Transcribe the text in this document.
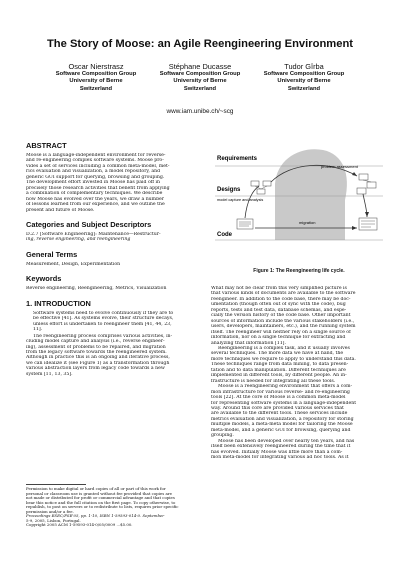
The Story of Moose: an Agile Reengineering Environment
Oscar Nierstrasz
Software Composition Group
University of Berne
Switzerland
Stéphane Ducasse
Software Composition Group
University of Berne
Switzerland
Tudor Gîrba
Software Composition Group
University of Berne
Switzerland
www.iam.unibe.ch/~scg
ABSTRACT
Moose is a language-independent environment for reverse-
and re-engineering complex software systems. Moose pro-
vides a set of services including a common meta-model, met-
rics evaluation and visualization, a model repository, and
generic GUI support for querying, browsing and grouping.
The development effort invested in Moose has paid off in
precisely those research activities that benefit from applying
a combination of complementary techniques. We describe
how Moose has evolved over the years, we draw a number
of lessons learned from our experience, and we outline the
present and future of Moose.
Categories and Subject Descriptors
D.2.7 [Software Engineering]: Maintenance—Restructur-
ing, reverse engineering, and reengineering
General Terms
Measurement, Design, Experimentation
Keywords
Reverse engineering, Reengineering, Metrics, Visualization
1. INTRODUCTION
Software systems need to evolve continuously if they are to
be effective [41]. As systems evolve, their structure decays,
unless effort is undertaken to reengineer them [41, 44, 23,
11].
The reengineering process comprises various activities, in-
cluding model capture and analysis (i.e., reverse engineer-
ing), assessment of problems to be repaired, and migration
from the legacy software towards the reengineered system.
Although in practice this is an ongoing and iterative process,
we can idealize it (see Figure 1) as a transformation through
various abstraction layers from legacy code towards a new
system [11, 13, 35].
Permission to make digital or hard copies of all or part of this work for
personal or classroom use is granted without fee provided that copies are
not made or distributed for profit or commercial advantage and that copies
bear this notice and the full citation on the first page. To copy otherwise, to
republish, to post on servers or to redistribute to lists, requires prior specific
permission and/or a fee.
Proceedings ESEC/FSE'05, pp. 1-10, ISBN 1-59593-014-0. September
5-9, 2005, Lisbon, Portugal.
Copyright 2005 ACM 1-59593-014-0/05/0009 ...$5.00.
Requirements
Designs
Code
problem assessment
model capture and analysis
migration
Figure 1: The Reengineering life cycle.
What may not be clear from this very simplified picture is
that various kinds of documents are available to the software
reengineer. In addition to the code base, there may be doc-
umentation (though often out of sync with the code), bug
reports, tests and test data, database schemas, and espe-
cially the version history of the code base. Other important
sources of information include the various stakeholders (i.e.,
users, developers, maintainers, etc.), and the running system
itself. The reengineer will neither rely on a single source of
information, nor on a single technique for extracting and
analyzing that information [11].
Reengineering is a complex task, and it usually involves
several techniques. The more data we have at hand, the
more techniques we require to apply to understand this data.
These techniques range from data mining, to data presen-
tation and to data manipulation. Different techniques are
implemented in different tools, by different people. An in-
frastructure is needed for integrating all these tools.
Moose is a reengineering environment that offers a com-
mon infrastructure for various reverse- and re-engineering
tools [22]. At the core of Moose is a common meta-model
for representing software systems in a language-independent
way. Around this core are provided various services that
are available to the different tools. These services include
metrics evaluation and visualization, a repository for storing
multiple models, a meta-meta model for tailoring the Moose
meta-model, and a generic GUI for browsing, querying and
grouping.
Moose has been developed over nearly ten years, and has
itself been extensively reengineered during the time that it
has evolved. Initially Moose was little more than a com-
mon meta-model for integrating various ad hoc tools. As it
